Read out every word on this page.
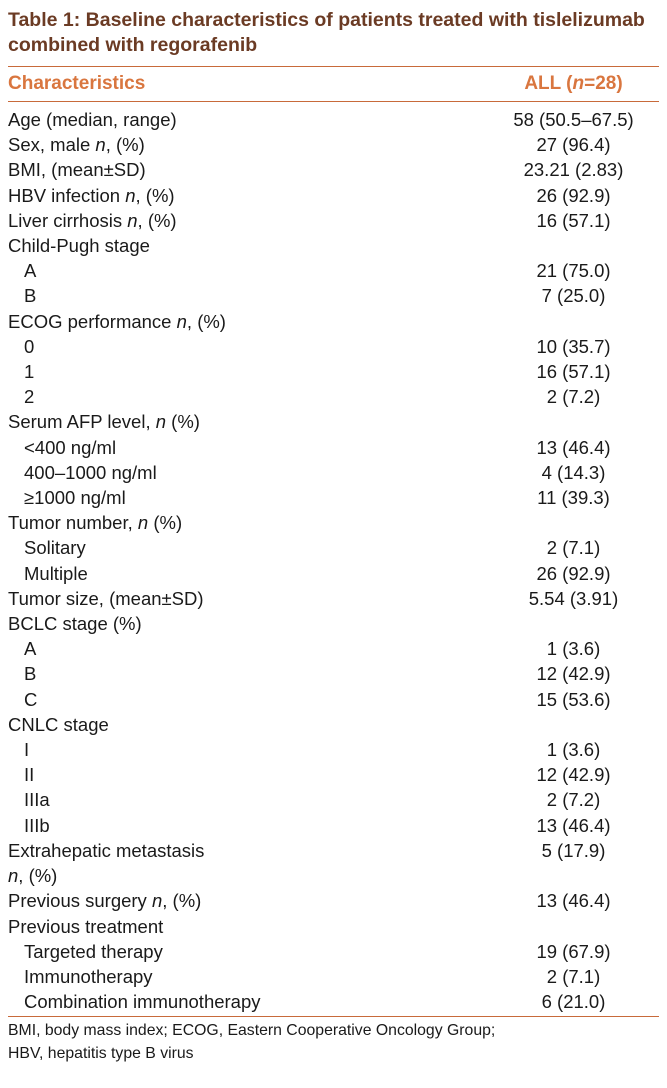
Table 1: Baseline characteristics of patients treated with tislelizumab combined with regorafenib
Characteristics	ALL (n=28)
Age (median, range)	58 (50.5–67.5)
Sex, male n, (%)	27 (96.4)
BMI, (mean±SD)	23.21 (2.83)
HBV infection n, (%)	26 (92.9)
Liver cirrhosis n, (%)	16 (57.1)
Child-Pugh stage	
A	21 (75.0)
B	7 (25.0)
ECOG performance n, (%)	
0	10 (35.7)
1	16 (57.1)
2	2 (7.2)
Serum AFP level, n (%)	
<400 ng/ml	13 (46.4)
400–1000 ng/ml	4 (14.3)
≥1000 ng/ml	11 (39.3)
Tumor number, n (%)	
Solitary	2 (7.1)
Multiple	26 (92.9)
Tumor size, (mean±SD)	5.54 (3.91)
BCLC stage (%)	
A	1 (3.6)
B	12 (42.9)
C	15 (53.6)
CNLC stage	
I	1 (3.6)
II	12 (42.9)
IIIa	2 (7.2)
IIIb	13 (46.4)
Extrahepatic metastasis	5 (17.9)
n, (%)	
Previous surgery n, (%)	13 (46.4)
Previous treatment	
Targeted therapy	19 (67.9)
Immunotherapy	2 (7.1)
Combination immunotherapy	6 (21.0)
BMI, body mass index; ECOG, Eastern Cooperative Oncology Group;
HBV, hepatitis type B virus
